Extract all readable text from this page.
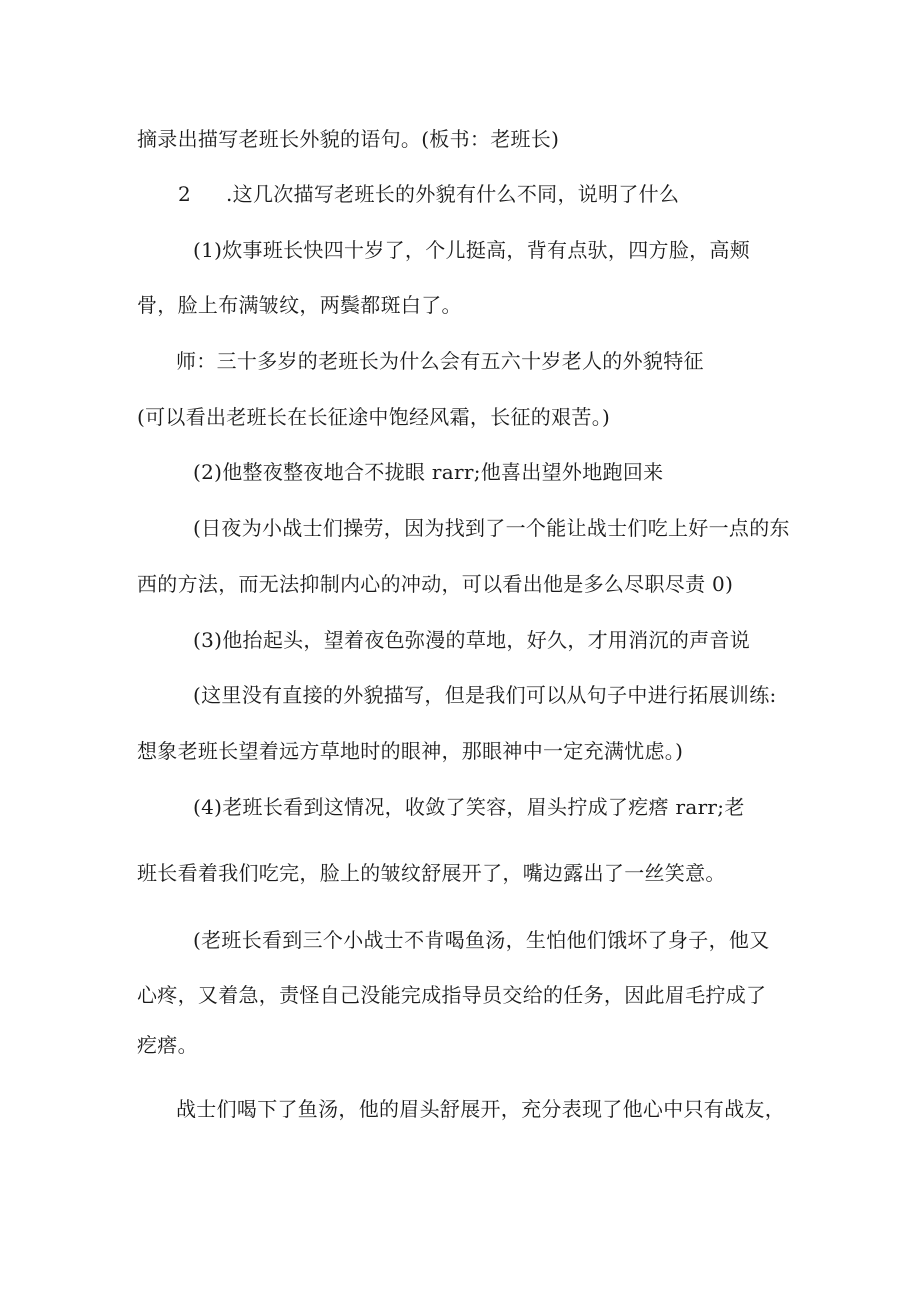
摘录出描写老班长外貌的语句。(板书：老班长)
2 .这几次描写老班长的外貌有什么不同，说明了什么
(1)炊事班长快四十岁了，个儿挺高，背有点驮，四方脸，高颊
骨，脸上布满皱纹，两鬓都斑白了。
师：三十多岁的老班长为什么会有五六十岁老人的外貌特征
(可以看出老班长在长征途中饱经风霜，长征的艰苦。)
(2)他整夜整夜地合不拢眼 rarr;他喜出望外地跑回来
(日夜为小战士们操劳，因为找到了一个能让战士们吃上好一点的东
西的方法，而无法抑制内心的冲动，可以看出他是多么尽职尽责 0)
(3)他抬起头，望着夜色弥漫的草地，好久，才用消沉的声音说
(这里没有直接的外貌描写，但是我们可以从句子中进行拓展训练:
想象老班长望着远方草地时的眼神，那眼神中一定充满忧虑。)
(4)老班长看到这情况，收敛了笑容，眉头拧成了疙瘩 rarr;老
班长看着我们吃完，脸上的皱纹舒展开了，嘴边露出了一丝笑意。
(老班长看到三个小战士不肯喝鱼汤，生怕他们饿坏了身子，他又
心疼，又着急，责怪自己没能完成指导员交给的任务，因此眉毛拧成了
疙瘩。
战士们喝下了鱼汤，他的眉头舒展开，充分表现了他心中只有战友，
